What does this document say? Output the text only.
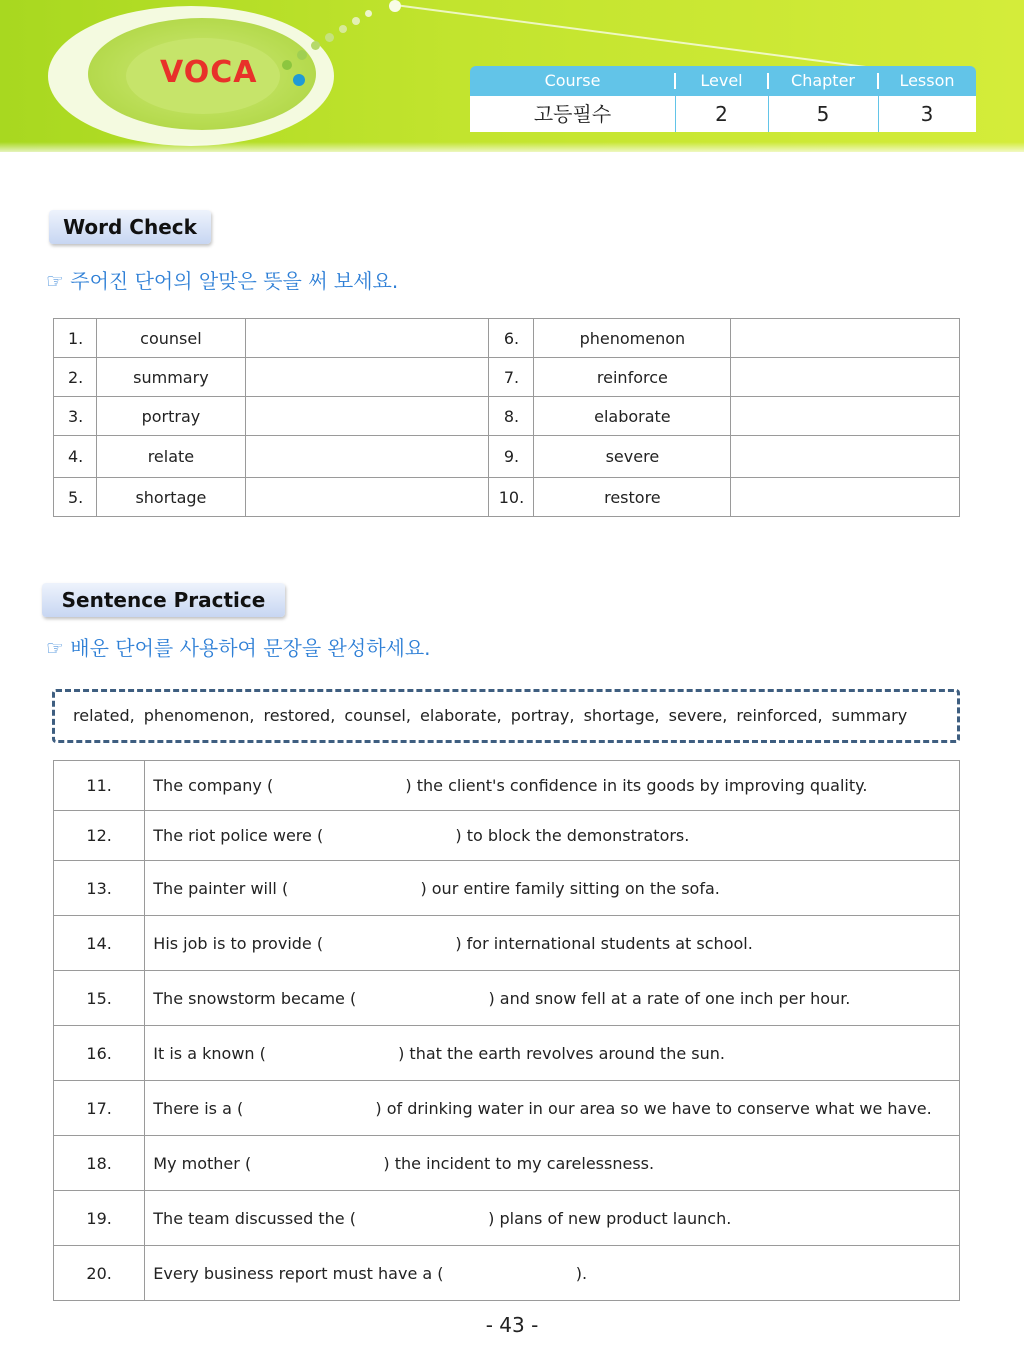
VOCA	Course	Level	Chapter	Lesson
고등필수	2	5	3
Word Check
☞ 주어진 단어의 알맞은 뜻을 써 보세요.
1.	counsel		6.	phenomenon	
2.	summary		7.	reinforce	
3.	portray		8.	elaborate	
4.	relate		9.	severe	
5.	shortage		10.	restore	
Sentence Practice
☞ 배운 단어를 사용하여 문장을 완성하세요.
related, phenomenon, restored, counsel, elaborate, portray, shortage, severe, reinforced, summary
11.	The company (                          ) the client's confidence in its goods by improving quality.
12.	The riot police were (                          ) to block the demonstrators.
13.	The painter will (                          ) our entire family sitting on the sofa.
14.	His job is to provide (                          ) for international students at school.
15.	The snowstorm became (                          ) and snow fell at a rate of one inch per hour.
16.	It is a known (                          ) that the earth revolves around the sun.
17.	There is a (                          ) of drinking water in our area so we have to conserve what we have.
18.	My mother (                          ) the incident to my carelessness.
19.	The team discussed the (                          ) plans of new product launch.
20.	Every business report must have a (                          ).
- 43 -
